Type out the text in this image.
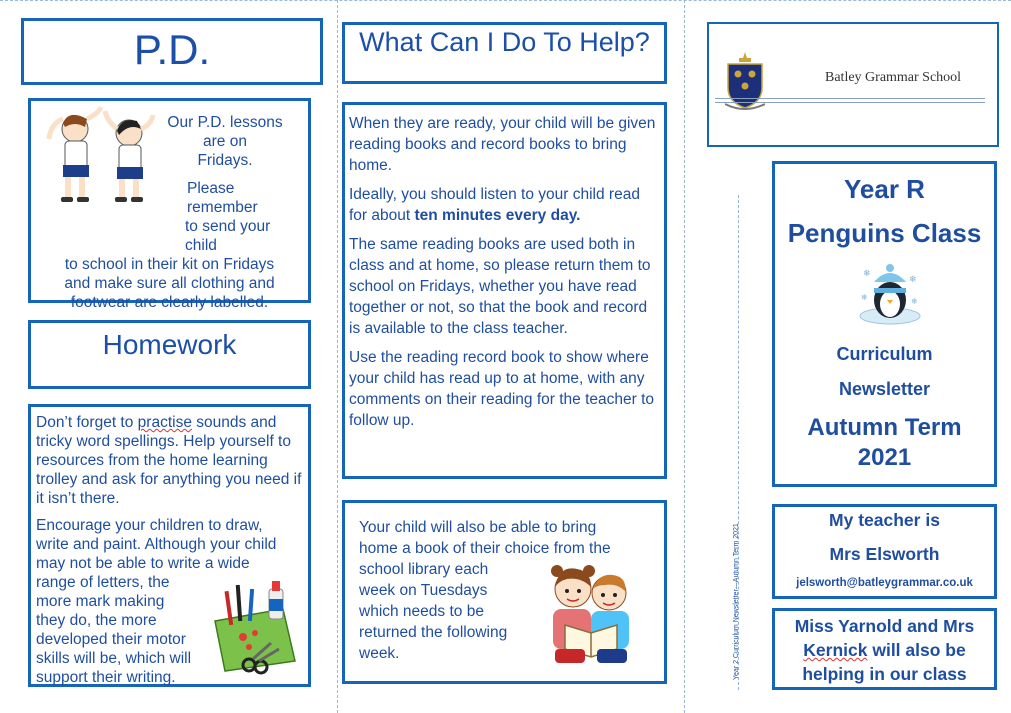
P.D.
Our P.D. lessons
are on
Fridays.
Please remember
to send your child
to school in their kit on Fridays
and make sure all clothing and
footwear are clearly labelled.
Homework

Don’t forget to practise sounds and tricky word spellings. Help yourself to resources from the home learning trolley and ask for anything you need if it isn’t there.

Encourage your children to draw,
write and paint. Although your child
may not be able to write a wide
range of letters, the
more mark making
they do, the more
developed their motor
skills will be, which will
support their writing.
What Can I Do To Help?

When they are ready, your child will be given reading books and record books to bring home.

Ideally, you should listen to your child read for about ten minutes every day.

The same reading books are used both in class and at home, so please return them to school on Fridays, whether you have read together or not, so that the book and record is available to the class teacher.

Use the reading record book to show where your child has read up to at home, with any comments on their reading for the teacher to follow up.

Your child will also be able to bring
home a book of their choice from the
school library each
week on Tuesdays
which needs to be
returned the following
week.
Batley Grammar School
Year 2 Curriculum Newsletter—Autumn Term 2021
Year R
Penguins Class
❄
❄
❄	❄
Curriculum
Newsletter
Autumn Term
2021
My teacher is
Mrs Elsworth
jelsworth@batleygrammar.co.uk
Miss Yarnold and Mrs
Kernick will also be
helping in our class
